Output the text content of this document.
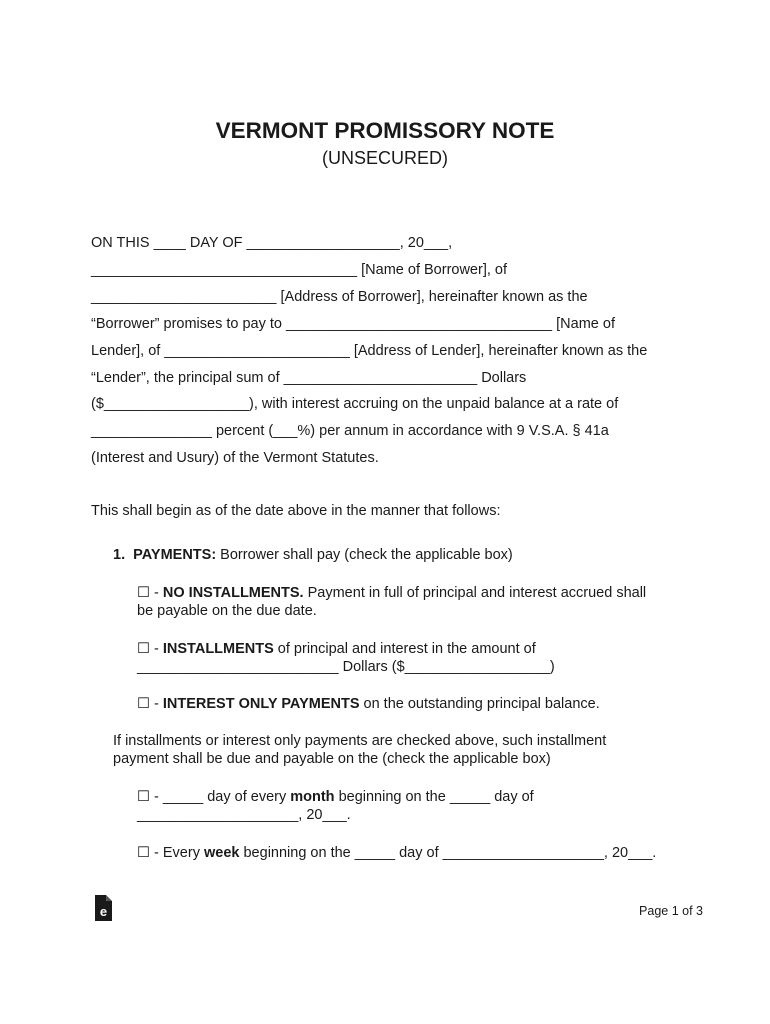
VERMONT PROMISSORY NOTE
(UNSECURED)
ON THIS ____ DAY OF ___________________, 20___,
_________________________________ [Name of Borrower], of
_______________________ [Address of Borrower], hereinafter known as the
“Borrower” promises to pay to _________________________________ [Name of
Lender], of _______________________ [Address of Lender], hereinafter known as the
“Lender”, the principal sum of ________________________ Dollars
($__________________), with interest accruing on the unpaid balance at a rate of
_______________ percent (___%) per annum in accordance with 9 V.S.A. § 41a
(Interest and Usury) of the Vermont Statutes.
This shall begin as of the date above in the manner that follows:
1. PAYMENTS: Borrower shall pay (check the applicable box)
☐ - NO INSTALLMENTS. Payment in full of principal and interest accrued shall
be payable on the due date.
☐ - INSTALLMENTS of principal and interest in the amount of
_________________________ Dollars ($__________________)
☐ - INTEREST ONLY PAYMENTS on the outstanding principal balance.
If installments or interest only payments are checked above, such installment
payment shall be due and payable on the (check the applicable box)
☐ - _____ day of every month beginning on the _____ day of
____________________, 20___.
☐ - Every week beginning on the _____ day of ____________________, 20___.
e	Page 1 of 3
